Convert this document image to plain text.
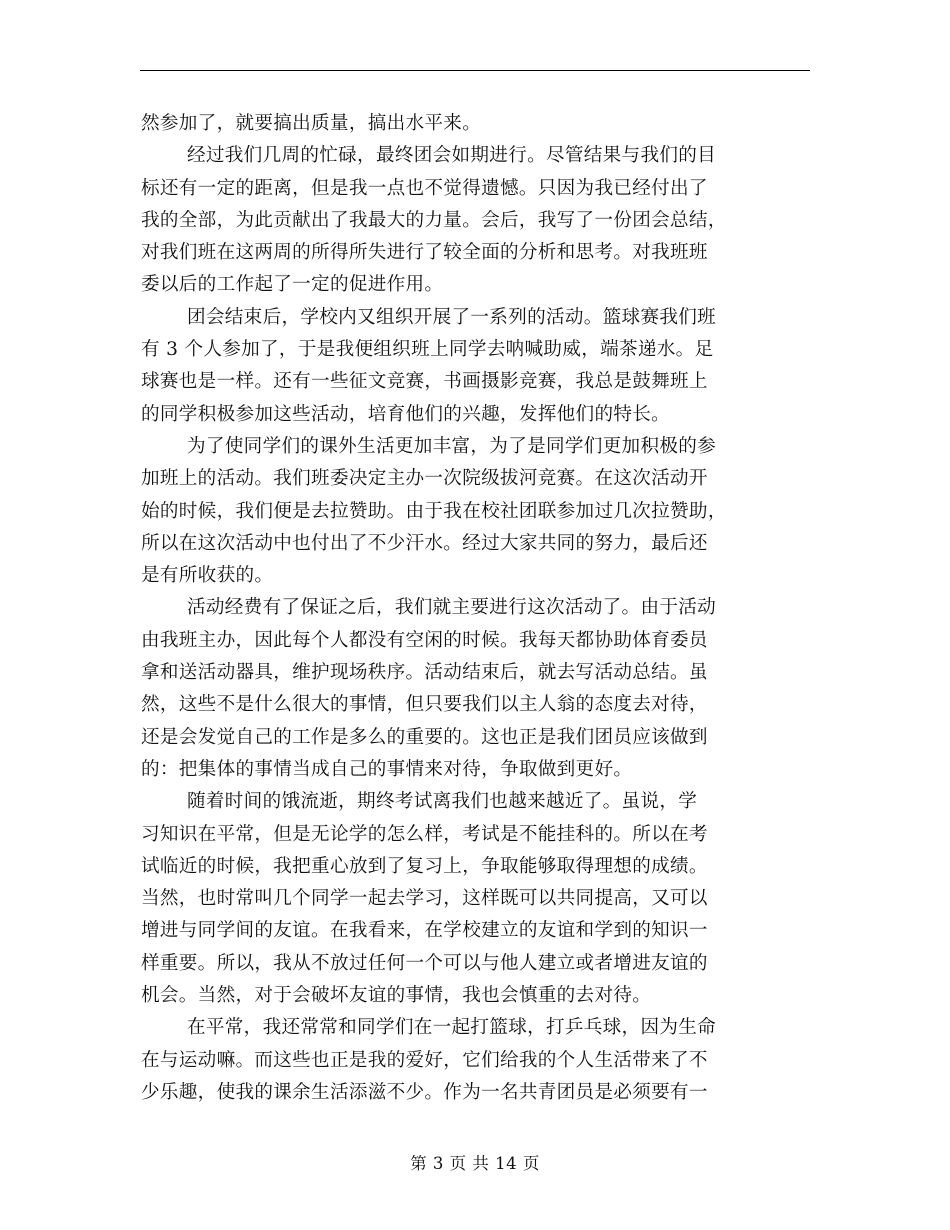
然参加了，就要搞出质量，搞出水平来。
经过我们几周的忙碌，最终团会如期进行。尽管结果与我们的目
标还有一定的距离，但是我一点也不觉得遗憾。只因为我已经付出了
我的全部，为此贡献出了我最大的力量。会后，我写了一份团会总结，
对我们班在这两周的所得所失进行了较全面的分析和思考。对我班班
委以后的工作起了一定的促进作用。
团会结束后，学校内又组织开展了一系列的活动。篮球赛我们班
有 3 个人参加了，于是我便组织班上同学去呐喊助威，端茶递水。足
球赛也是一样。还有一些征文竞赛，书画摄影竞赛，我总是鼓舞班上
的同学积极参加这些活动，培育他们的兴趣，发挥他们的特长。
为了使同学们的课外生活更加丰富，为了是同学们更加积极的参
加班上的活动。我们班委决定主办一次院级拔河竞赛。在这次活动开
始的时候，我们便是去拉赞助。由于我在校社团联参加过几次拉赞助，
所以在这次活动中也付出了不少汗水。经过大家共同的努力，最后还
是有所收获的。
活动经费有了保证之后，我们就主要进行这次活动了。由于活动
由我班主办，因此每个人都没有空闲的时候。我每天都协助体育委员
拿和送活动器具，维护现场秩序。活动结束后，就去写活动总结。虽
然，这些不是什么很大的事情，但只要我们以主人翁的态度去对待，
还是会发觉自己的工作是多么的重要的。这也正是我们团员应该做到
的：把集体的事情当成自己的事情来对待，争取做到更好。
随着时间的饿流逝，期终考试离我们也越来越近了。虽说，学
习知识在平常，但是无论学的怎么样，考试是不能挂科的。所以在考
试临近的时候，我把重心放到了复习上，争取能够取得理想的成绩。
当然，也时常叫几个同学一起去学习，这样既可以共同提高，又可以
增进与同学间的友谊。在我看来，在学校建立的友谊和学到的知识一
样重要。所以，我从不放过任何一个可以与他人建立或者增进友谊的
机会。当然，对于会破坏友谊的事情，我也会慎重的去对待。
在平常，我还常常和同学们在一起打篮球，打乒乓球，因为生命
在与运动嘛。而这些也正是我的爱好，它们给我的个人生活带来了不
少乐趣，使我的课余生活添滋不少。作为一名共青团员是必须要有一
第 3 页 共 14 页
